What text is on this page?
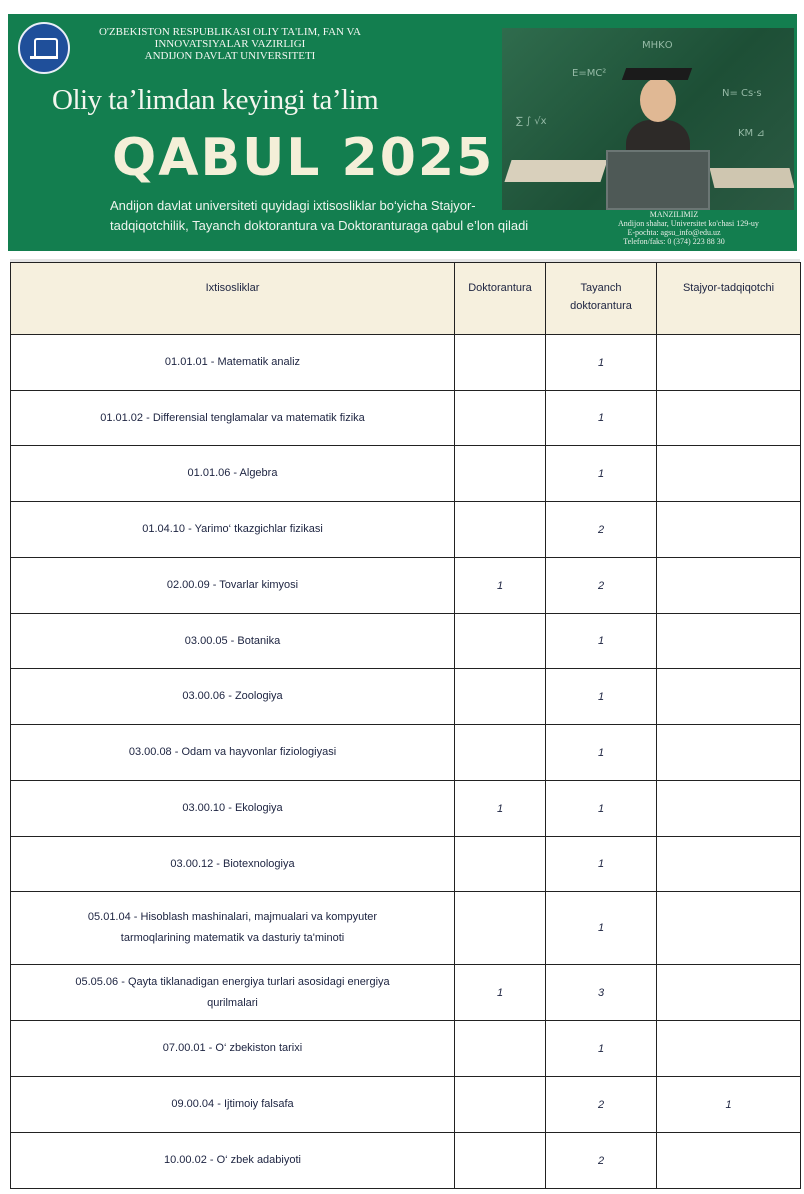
O'ZBEKISTON RESPUBLIKASI OLIY TA'LIM, FAN VA
INNOVATSIYALAR VAZIRLIGI
ANDIJON DAVLAT UNIVERSITETI
Oliy ta’limdan keyingi ta’lim
QABUL 2025
Andijon davlat universiteti quyidagi ixtisosliklar bo‘yicha Stajyor-tadqiqotchilik, Tayanch doktorantura va Doktoranturaga qabul e’lon qiladi
E=MC²
ΜΗΚΟ
N= Cs·s
∑ ∫ √x
KM ⊿
MANZILIMIZ
Andijon shahar, Universitet ko'chasi 129-uy
E-pochta: agsu_info@edu.uz
Telefon/faks: 0 (374) 223 88 30
Ixtisosliklar	Doktorantura	Tayanch doktorantura	Stajyor-tadqiqotchi
01.01.01 - Matematik analiz		1	
01.01.02 - Differensial tenglamalar va matematik fizika		1	
01.01.06 - Algebra		1	
01.04.10 - Yarimo‘ tkazgichlar fizikasi		2	
02.00.09 - Tovarlar kimyosi	1	2	
03.00.05 - Botanika		1	
03.00.06 - Zoologiya		1	
03.00.08 - Odam va hayvonlar fiziologiyasi		1	
03.00.10 - Ekologiya	1	1	
03.00.12 - Biotexnologiya		1	
05.01.04 - Hisoblash mashinalari, majmualari va kompyuter tarmoqlarining matematik va dasturiy ta'minoti		1	
05.05.06 - Qayta tiklanadigan energiya turlari asosidagi energiya qurilmalari	1	3	
07.00.01 - O‘ zbekiston tarixi		1	
09.00.04 - Ijtimoiy falsafa		2	1
10.00.02 - O‘ zbek adabiyoti		2	
